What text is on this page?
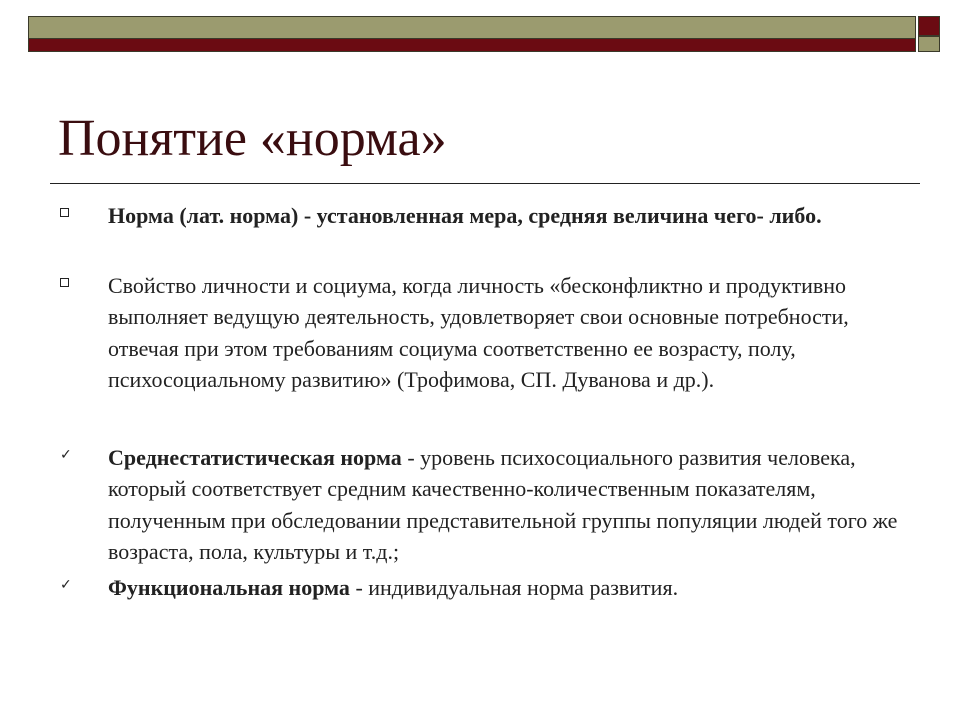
Понятие «норма»
Норма (лат. норма) - установленная мера, средняя величина чего- либо.
Свойство личности и социума, когда личность «бесконфликтно и продуктивно выполняет ведущую деятельность, удовлетворяет свои основные потребности, отвечая при этом требованиям социума соответственно ее возрасту, полу, психосоциальному развитию» (Трофимова, СП. Дуванова и др.).
✓ Среднестатистическая норма - уровень психосоциального развития человека, который соответствует средним качественно-количественным показателям, полученным при обследовании представительной группы популяции людей того же возраста, пола, культуры и т.д.;
✓ Функциональная норма - индивидуальная норма развития.
